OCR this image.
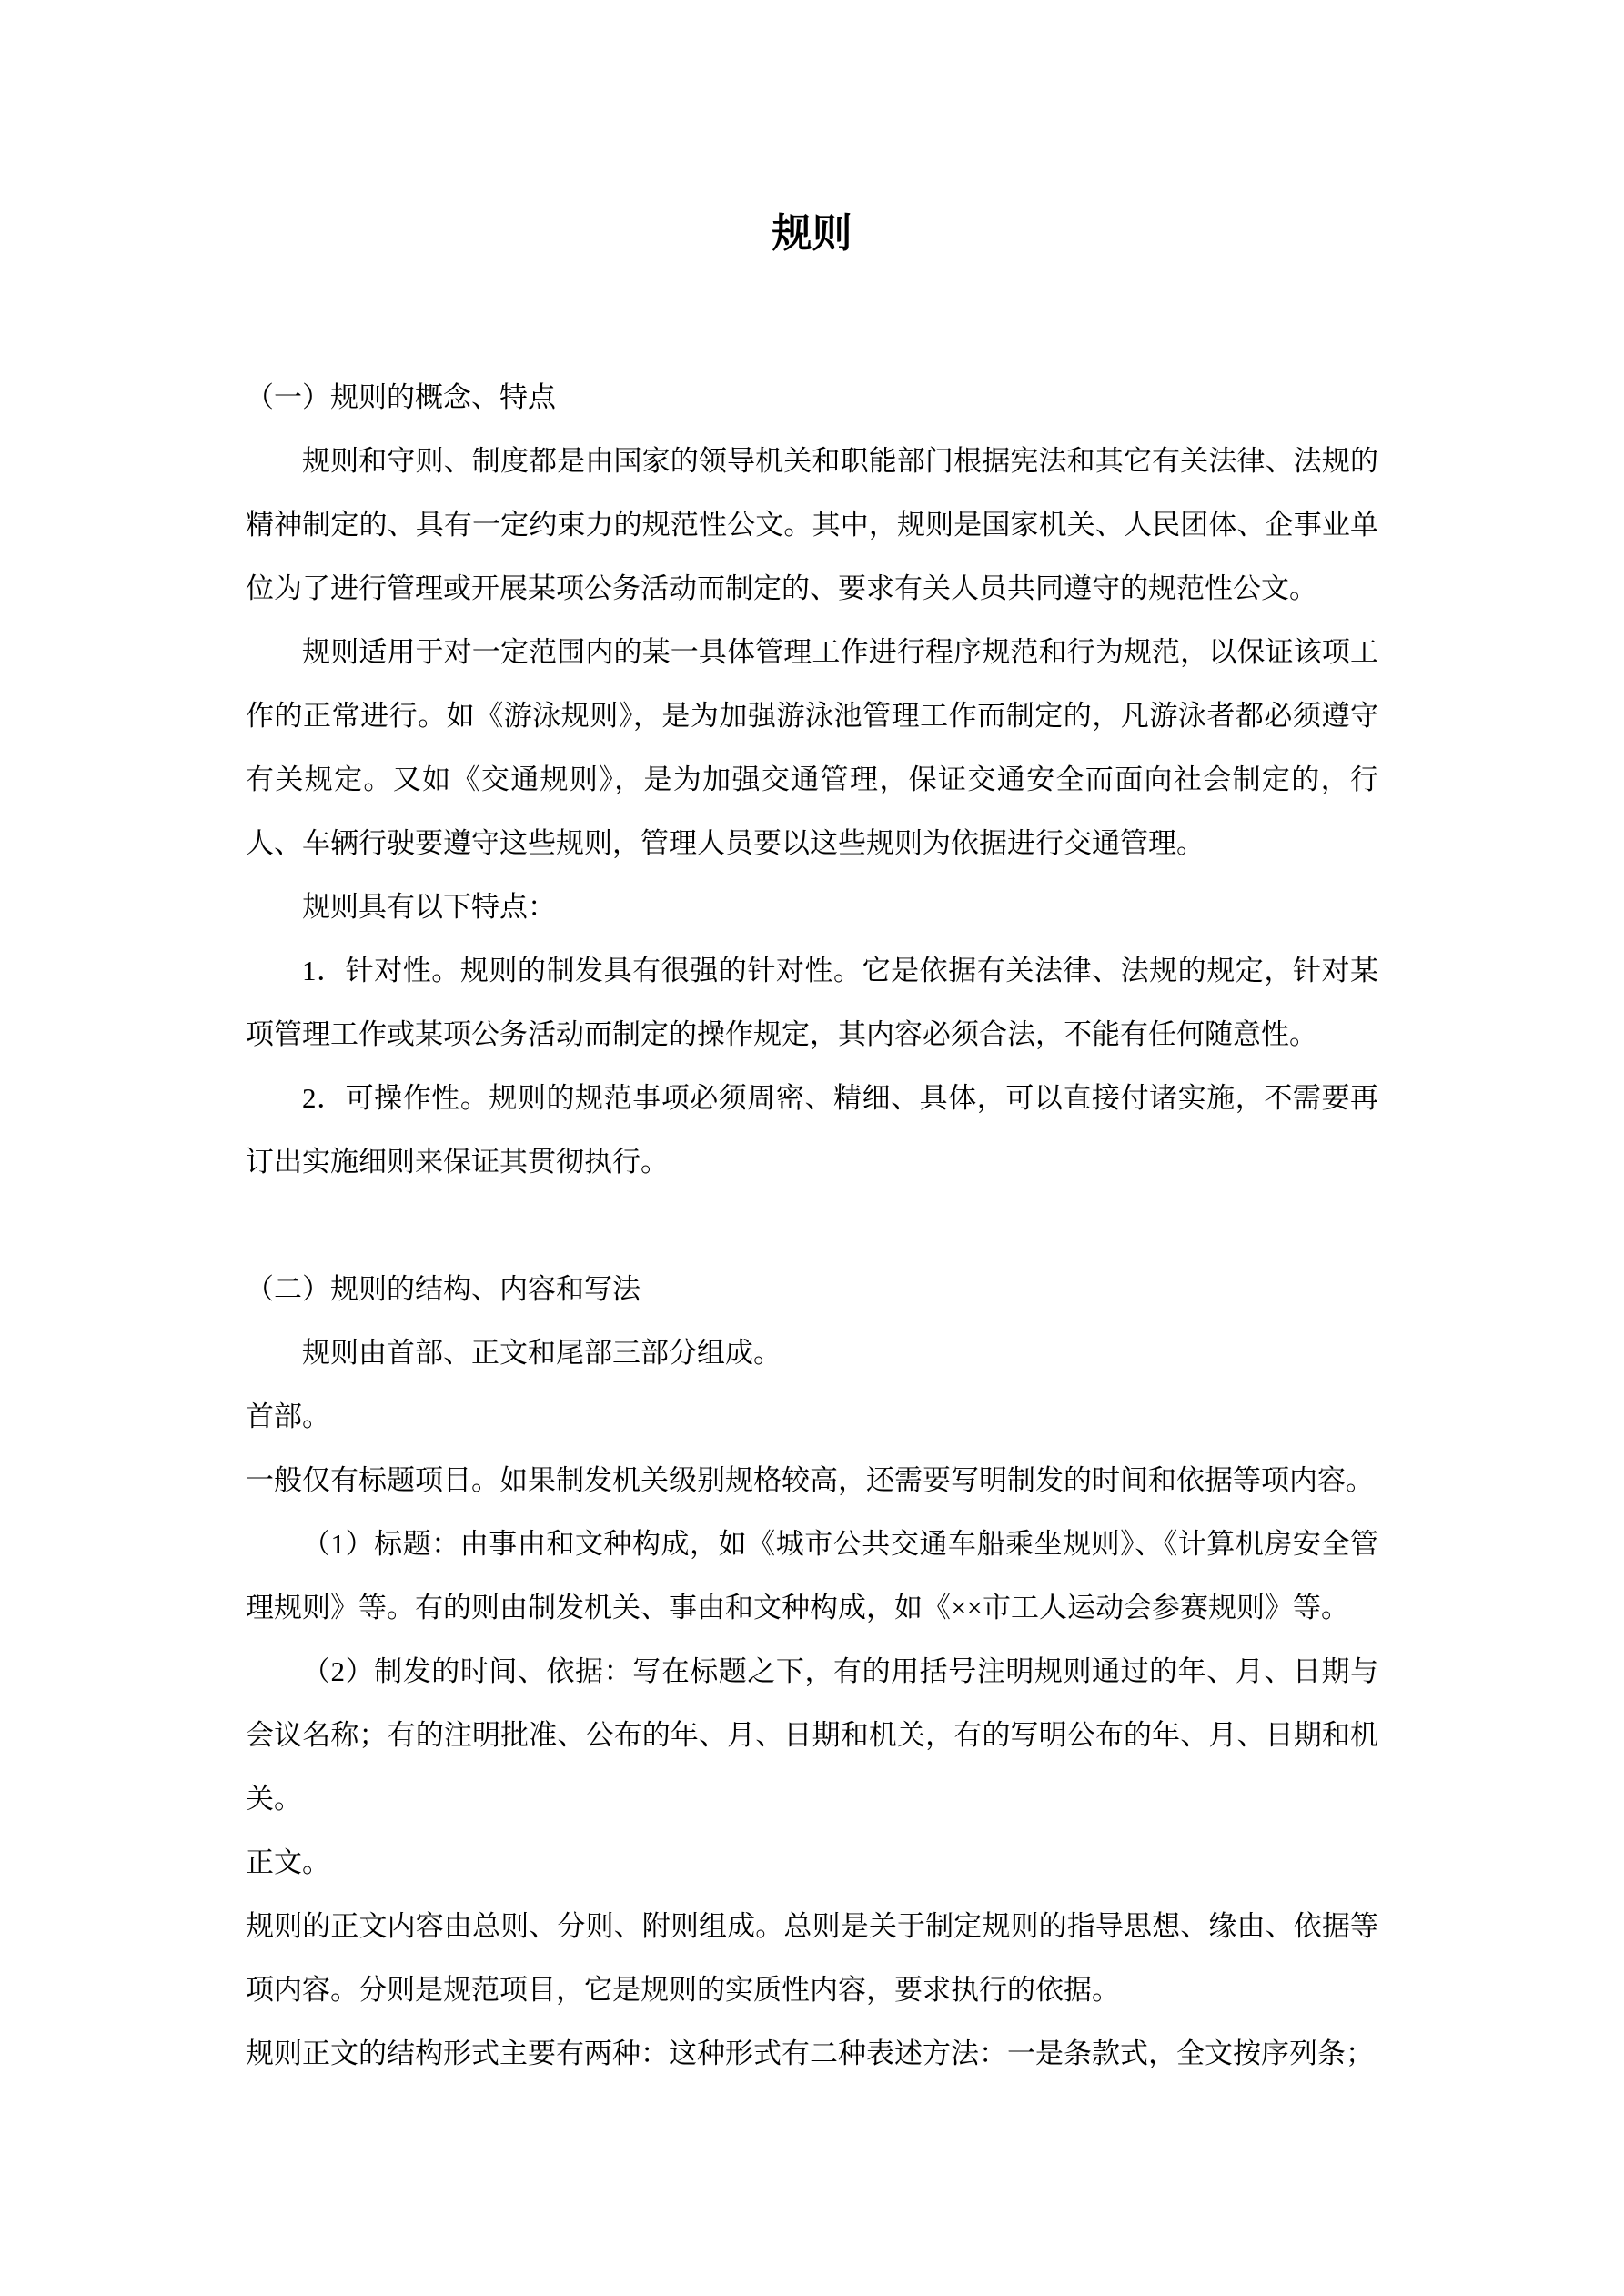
规则

（一）规则的概念、特点

规则和守则、制度都是由国家的领导机关和职能部门根据宪法和其它有关法律、法规的精神制定的、具有一定约束力的规范性公文。其中，规则是国家机关、人民团体、企事业单位为了进行管理或开展某项公务活动而制定的、要求有关人员共同遵守的规范性公文。

规则适用于对一定范围内的某一具体管理工作进行程序规范和行为规范，以保证该项工作的正常进行。如《游泳规则》，是为加强游泳池管理工作而制定的，凡游泳者都必须遵守有关规定。又如《交通规则》，是为加强交通管理，保证交通安全而面向社会制定的，行人、车辆行驶要遵守这些规则，管理人员要以这些规则为依据进行交通管理。

规则具有以下特点：

1．针对性。规则的制发具有很强的针对性。它是依据有关法律、法规的规定，针对某项管理工作或某项公务活动而制定的操作规定，其内容必须合法，不能有任何随意性。

2．可操作性。规则的规范事项必须周密、精细、具体，可以直接付诸实施，不需要再订出实施细则来保证其贯彻执行。

（二）规则的结构、内容和写法

规则由首部、正文和尾部三部分组成。

首部。

一般仅有标题项目。如果制发机关级别规格较高，还需要写明制发的时间和依据等项内容。

（1）标题：由事由和文种构成，如《城市公共交通车船乘坐规则》、《计算机房安全管理规则》等。有的则由制发机关、事由和文种构成，如《××市工人运动会参赛规则》等。

（2）制发的时间、依据：写在标题之下，有的用括号注明规则通过的年、月、日期与会议名称；有的注明批准、公布的年、月、日期和机关，有的写明公布的年、月、日期和机关。

正文。

规则的正文内容由总则、分则、附则组成。总则是关于制定规则的指导思想、缘由、依据等项内容。分则是规范项目，它是规则的实质性内容，要求执行的依据。

规则正文的结构形式主要有两种：这种形式有二种表述方法：一是条款式，全文按序列条；
